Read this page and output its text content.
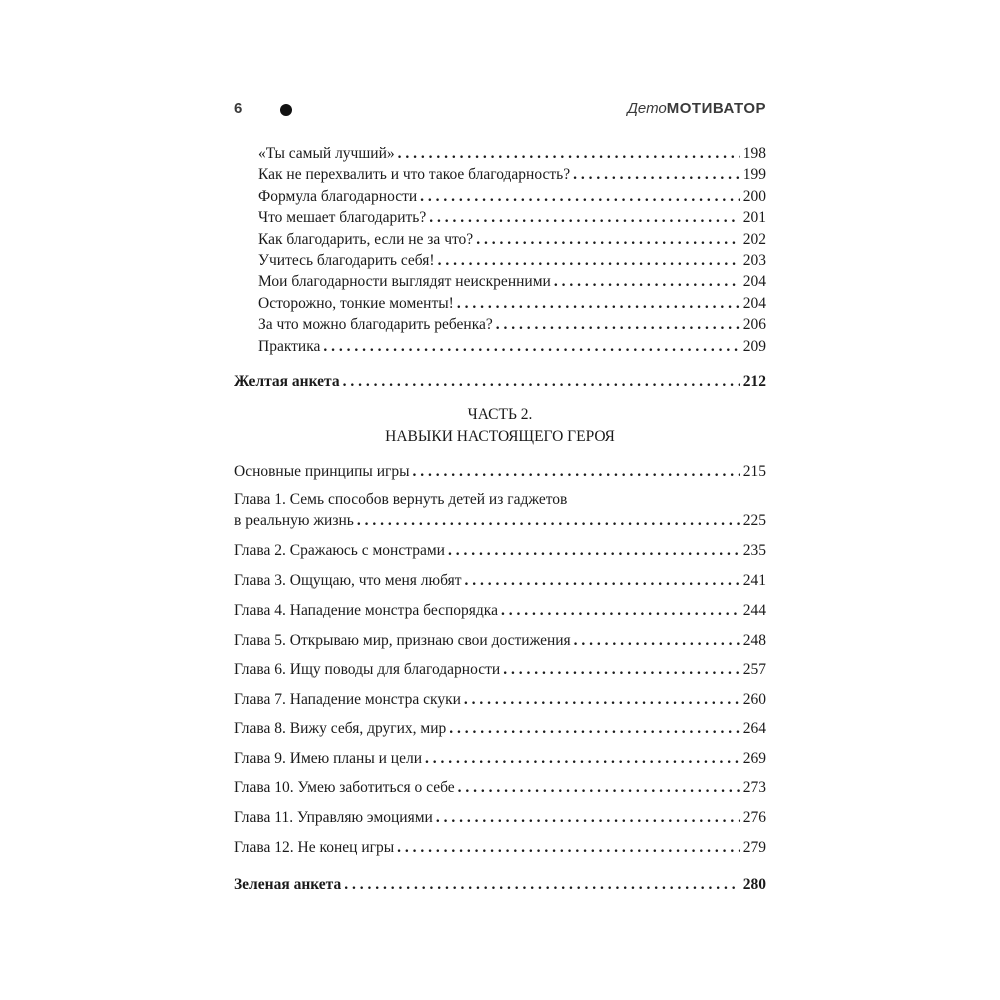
6	ДетоМОТИВАТОР
«Ты самый лучший» . . .	198
Как не перехвалить и что такое благодарность? . . .	199
Формула благодарности . . .	200
Что мешает благодарить? . . .	201
Как благодарить, если не за что? . . .	202
Учитесь благодарить себя! . . .	203
Мои благодарности выглядят неискренними . . .	204
Осторожно, тонкие моменты! . . .	204
За что можно благодарить ребенка? . . .	206
Практика . . .	209
Желтая анкета . . .	212
ЧАСТЬ 2.
НАВЫКИ НАСТОЯЩЕГО ГЕРОЯ
Основные принципы игры . . .	215
Глава 1. Семь способов вернуть детей из гаджетов
в реальную жизнь . . .	225
Глава 2. Сражаюсь с монстрами . . .	235
Глава 3. Ощущаю, что меня любят . . .	241
Глава 4. Нападение монстра беспорядка . . .	244
Глава 5. Открываю мир, признаю свои достижения . . .	248
Глава 6. Ищу поводы для благодарности . . .	257
Глава 7. Нападение монстра скуки . . .	260
Глава 8. Вижу себя, других, мир . . .	264
Глава 9. Имею планы и цели . . .	269
Глава 10. Умею заботиться о себе . . .	273
Глава 11. Управляю эмоциями . . .	276
Глава 12. Не конец игры . . .	279
Зеленая анкета . . .	280
